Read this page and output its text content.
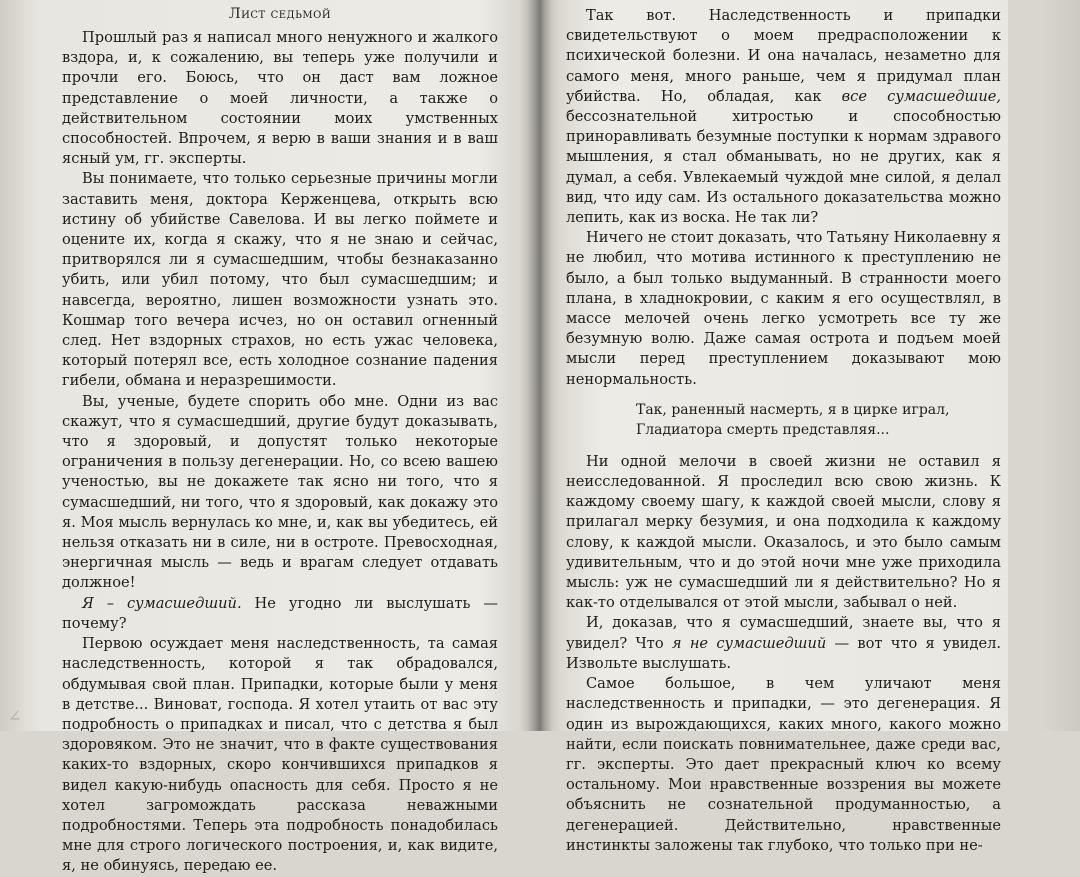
∠
Лист седьмой

Прошлый раз я написал много ненужного и жалкого вздора, и, к сожалению, вы теперь уже получили и прочли его. Боюсь, что он даст вам ложное представление о моей личности, а также о действительном состоянии моих умственных способностей. Впрочем, я верю в ваши знания и в ваш ясный ум, гг. эксперты.

Вы понимаете, что только серьезные причины могли заставить меня, доктора Керженцева, открыть всю истину об убийстве Савелова. И вы легко поймете и оцените их, когда я скажу, что я не знаю и сейчас, притворялся ли я сумасшедшим, чтобы безнаказанно убить, или убил потому, что был сумасшедшим; и навсегда, вероятно, лишен возможности узнать это. Кошмар того вечера исчез, но он оставил огненный след. Нет вздорных страхов, но есть ужас человека, который потерял все, есть холодное сознание падения гибели, обмана и неразрешимости.

Вы, ученые, будете спорить обо мне. Одни из вас скажут, что я сумасшедший, другие будут доказывать, что я здоровый, и допустят только некоторые ограничения в пользу дегенерации. Но, со всею вашею ученостью, вы не докажете так ясно ни того, что я сумасшедший, ни того, что я здоровый, как докажу это я. Моя мысль вернулась ко мне, и, как вы убедитесь, ей нельзя отказать ни в силе, ни в остроте. Превосходная, энергичная мысль — ведь и врагам следует отдавать должное!

Я – сумасшедший. Не угодно ли выслушать — почему?

Первою осуждает меня наследственность, та самая наследственность, которой я так обрадовался, обдумывая свой план. Припадки, которые были у меня в детстве... Виноват, господа. Я хотел утаить от вас эту подробность о припадках и писал, что с детства я был здоровяком. Это не значит, что в факте существования каких-то вздорных, скоро кончившихся припадков я видел какую-нибудь опасность для себя. Просто я не хотел загромождать рассказа неважными подробностями. Теперь эта подробность понадобилась мне для строго логического построения, и, как видите, я, не обинуясь, передаю ее.

Так вот. Наследственность и припадки свидетельствуют о моем предрасположении к психической болезни. И она началась, незаметно для самого меня, много раньше, чем я придумал план убийства. Но, обладая, как все сумасшедшие, бессознательной хитростью и способностью приноравливать безумные поступки к нормам здравого мышления, я стал обманывать, но не других, как я думал, а себя. Увлекаемый чуждой мне силой, я делал вид, что иду сам. Из остального доказательства можно лепить, как из воска. Не так ли?

Ничего не стоит доказать, что Татьяну Николаевну я не любил, что мотива истинного к преступлению не было, а был только выдуманный. В странности моего плана, в хладнокровии, с каким я его осуществлял, в массе мелочей очень легко усмотреть все ту же безумную волю. Даже самая острота и подъем моей мысли перед преступлением доказывают мою ненормальность.

Так, раненный насмерть, я в цирке играл,
Гладиатора смерть представляя...

Ни одной мелочи в своей жизни не оставил я неисследованной. Я проследил всю свою жизнь. К каждому своему шагу, к каждой своей мысли, слову я прилагал мерку безумия, и она подходила к каждому слову, к каждой мысли. Оказалось, и это было самым удивительным, что и до этой ночи мне уже приходила мысль: уж не сумасшедший ли я действительно? Но я как-то отделывался от этой мысли, забывал о ней.

И, доказав, что я сумасшедший, знаете вы, что я увидел? Что я не сумасшедший — вот что я увидел. Извольте выслушать.

Самое большое, в чем уличают меня наследственность и припадки, — это дегенерация. Я один из вырождающихся, каких много, какого можно найти, если поискать повнимательнее, даже среди вас, гг. эксперты. Это дает прекрасный ключ ко всему остальному. Мои нравственные воззрения вы можете объяснить не сознательной продуманностью, а дегенерацией. Действительно, нравственные инстинкты заложены так глубоко, что только при не-
